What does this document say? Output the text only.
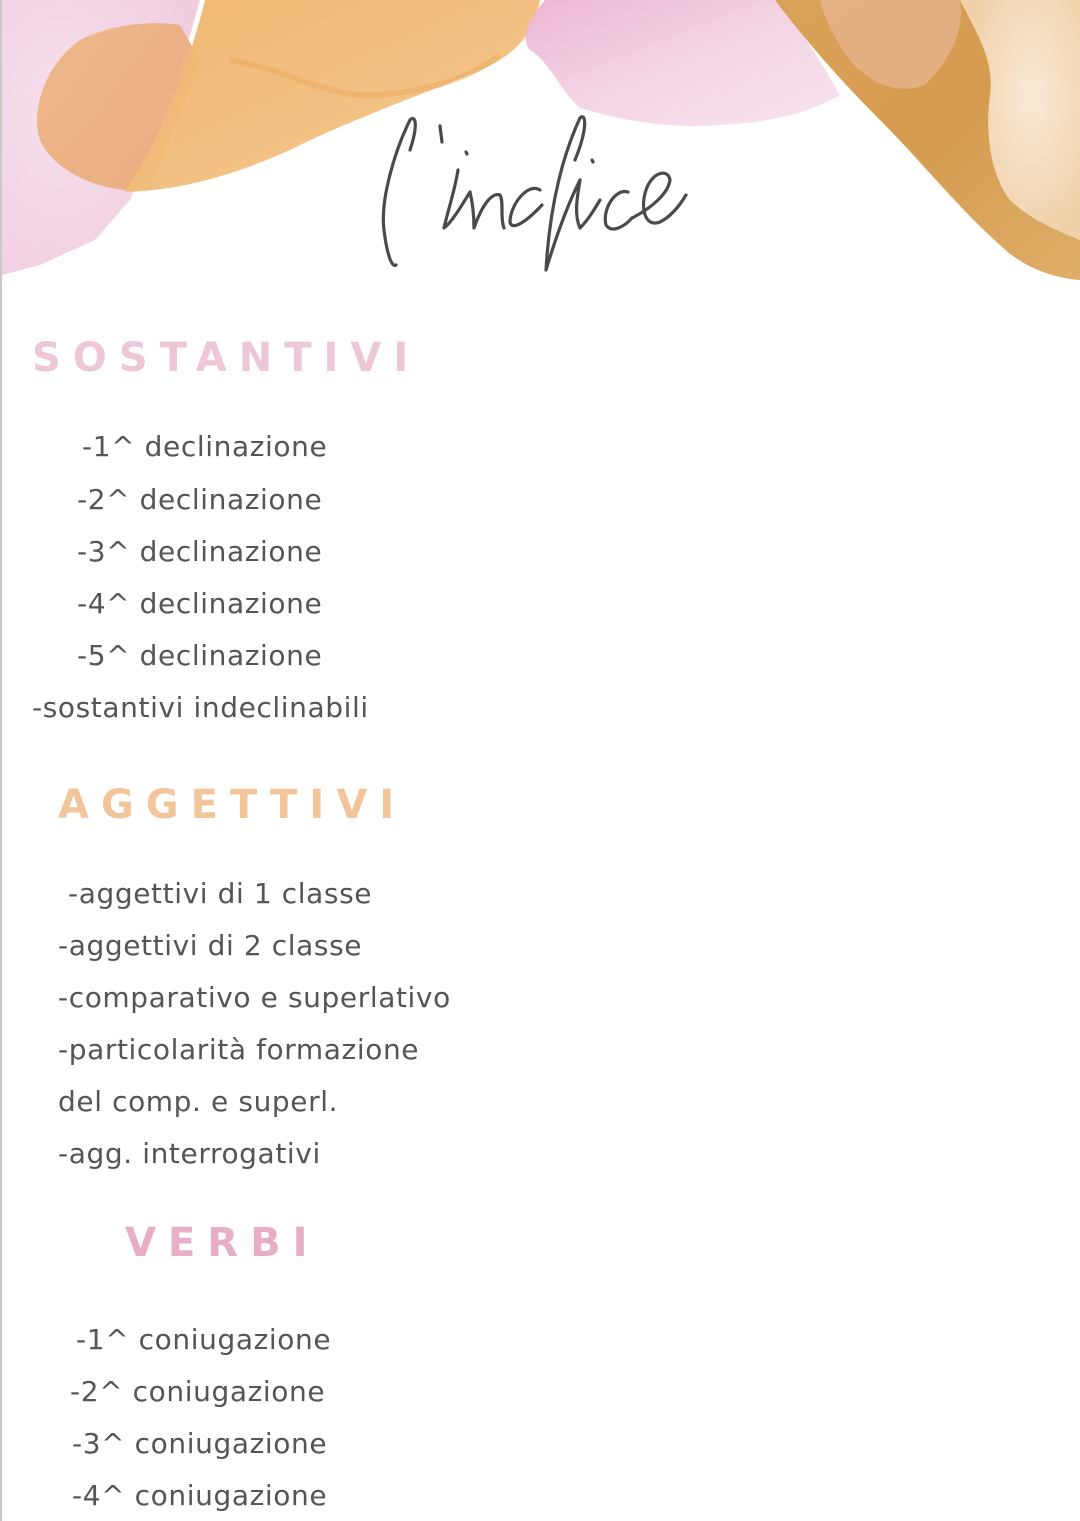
SOSTANTIVI
-1^ declinazione
-2^ declinazione
-3^ declinazione
-4^ declinazione
-5^ declinazione
-sostantivi indeclinabili
AGGETTIVI
-aggettivi di 1 classe
-aggettivi di 2 classe
-comparativo e superlativo
-particolarità formazione
del comp. e superl.
-agg. interrogativi
VERBI
-1^ coniugazione
-2^ coniugazione
-3^ coniugazione
-4^ coniugazione
